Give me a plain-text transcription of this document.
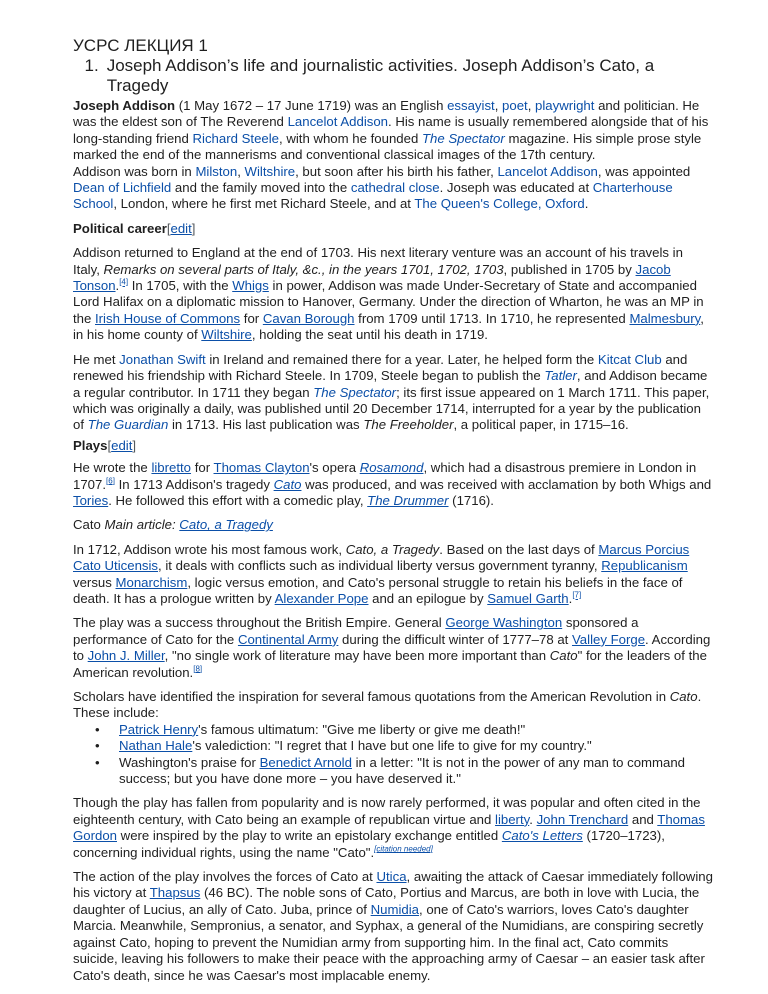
УСРС ЛЕКЦИЯ 1
1. Joseph Addison’s life and journalistic activities. Joseph Addison’s Cato, a Tragedy

Joseph Addison (1 May 1672 – 17 June 1719) was an English essayist, poet, playwright and politician. He was the eldest son of The Reverend Lancelot Addison. His name is usually remembered alongside that of his long-standing friend Richard Steele, with whom he founded The Spectator magazine. His simple prose style marked the end of the mannerisms and conventional classical images of the 17th century.

Addison was born in Milston, Wiltshire, but soon after his birth his father, Lancelot Addison, was appointed Dean of Lichfield and the family moved into the cathedral close. Joseph was educated at Charterhouse School, London, where he first met Richard Steele, and at The Queen's College, Oxford.

Political career[edit]

Addison returned to England at the end of 1703. His next literary venture was an account of his travels in Italy, Remarks on several parts of Italy, &c., in the years 1701, 1702, 1703, published in 1705 by Jacob Tonson.[4] In 1705, with the Whigs in power, Addison was made Under-Secretary of State and accompanied Lord Halifax on a diplomatic mission to Hanover, Germany. Under the direction of Wharton, he was an MP in the Irish House of Commons for Cavan Borough from 1709 until 1713. In 1710, he represented Malmesbury, in his home county of Wiltshire, holding the seat until his death in 1719.

He met Jonathan Swift in Ireland and remained there for a year. Later, he helped form the Kitcat Club and renewed his friendship with Richard Steele. In 1709, Steele began to publish the Tatler, and Addison became a regular contributor. In 1711 they began The Spectator; its first issue appeared on 1 March 1711. This paper, which was originally a daily, was published until 20 December 1714, interrupted for a year by the publication of The Guardian in 1713. His last publication was The Freeholder, a political paper, in 1715–16.

Plays[edit]

He wrote the libretto for Thomas Clayton's opera Rosamond, which had a disastrous premiere in London in 1707.[6] In 1713 Addison's tragedy Cato was produced, and was received with acclamation by both Whigs and Tories. He followed this effort with a comedic play, The Drummer (1716).

Cato Main article: Cato, a Tragedy

In 1712, Addison wrote his most famous work, Cato, a Tragedy. Based on the last days of Marcus Porcius Cato Uticensis, it deals with conflicts such as individual liberty versus government tyranny, Republicanism versus Monarchism, logic versus emotion, and Cato's personal struggle to retain his beliefs in the face of death. It has a prologue written by Alexander Pope and an epilogue by Samuel Garth.[7]

The play was a success throughout the British Empire. General George Washington sponsored a performance of Cato for the Continental Army during the difficult winter of 1777–78 at Valley Forge. According to John J. Miller, "no single work of literature may have been more important than Cato" for the leaders of the American revolution.[8]

Scholars have identified the inspiration for several famous quotations from the American Revolution in Cato. These include:

• Patrick Henry's famous ultimatum: "Give me liberty or give me death!"
• Nathan Hale's valediction: "I regret that I have but one life to give for my country."
• Washington's praise for Benedict Arnold in a letter: "It is not in the power of any man to command success; but you have done more – you have deserved it."

Though the play has fallen from popularity and is now rarely performed, it was popular and often cited in the eighteenth century, with Cato being an example of republican virtue and liberty. John Trenchard and Thomas Gordon were inspired by the play to write an epistolary exchange entitled Cato's Letters (1720–1723), concerning individual rights, using the name "Cato".[citation needed]

The action of the play involves the forces of Cato at Utica, awaiting the attack of Caesar immediately following his victory at Thapsus (46 BC). The noble sons of Cato, Portius and Marcus, are both in love with Lucia, the daughter of Lucius, an ally of Cato. Juba, prince of Numidia, one of Cato's warriors, loves Cato's daughter Marcia. Meanwhile, Sempronius, a senator, and Syphax, a general of the Numidians, are conspiring secretly against Cato, hoping to prevent the Numidian army from supporting him. In the final act, Cato commits suicide, leaving his followers to make their peace with the approaching army of Caesar – an easier task after Cato's death, since he was Caesar's most implacable enemy.
